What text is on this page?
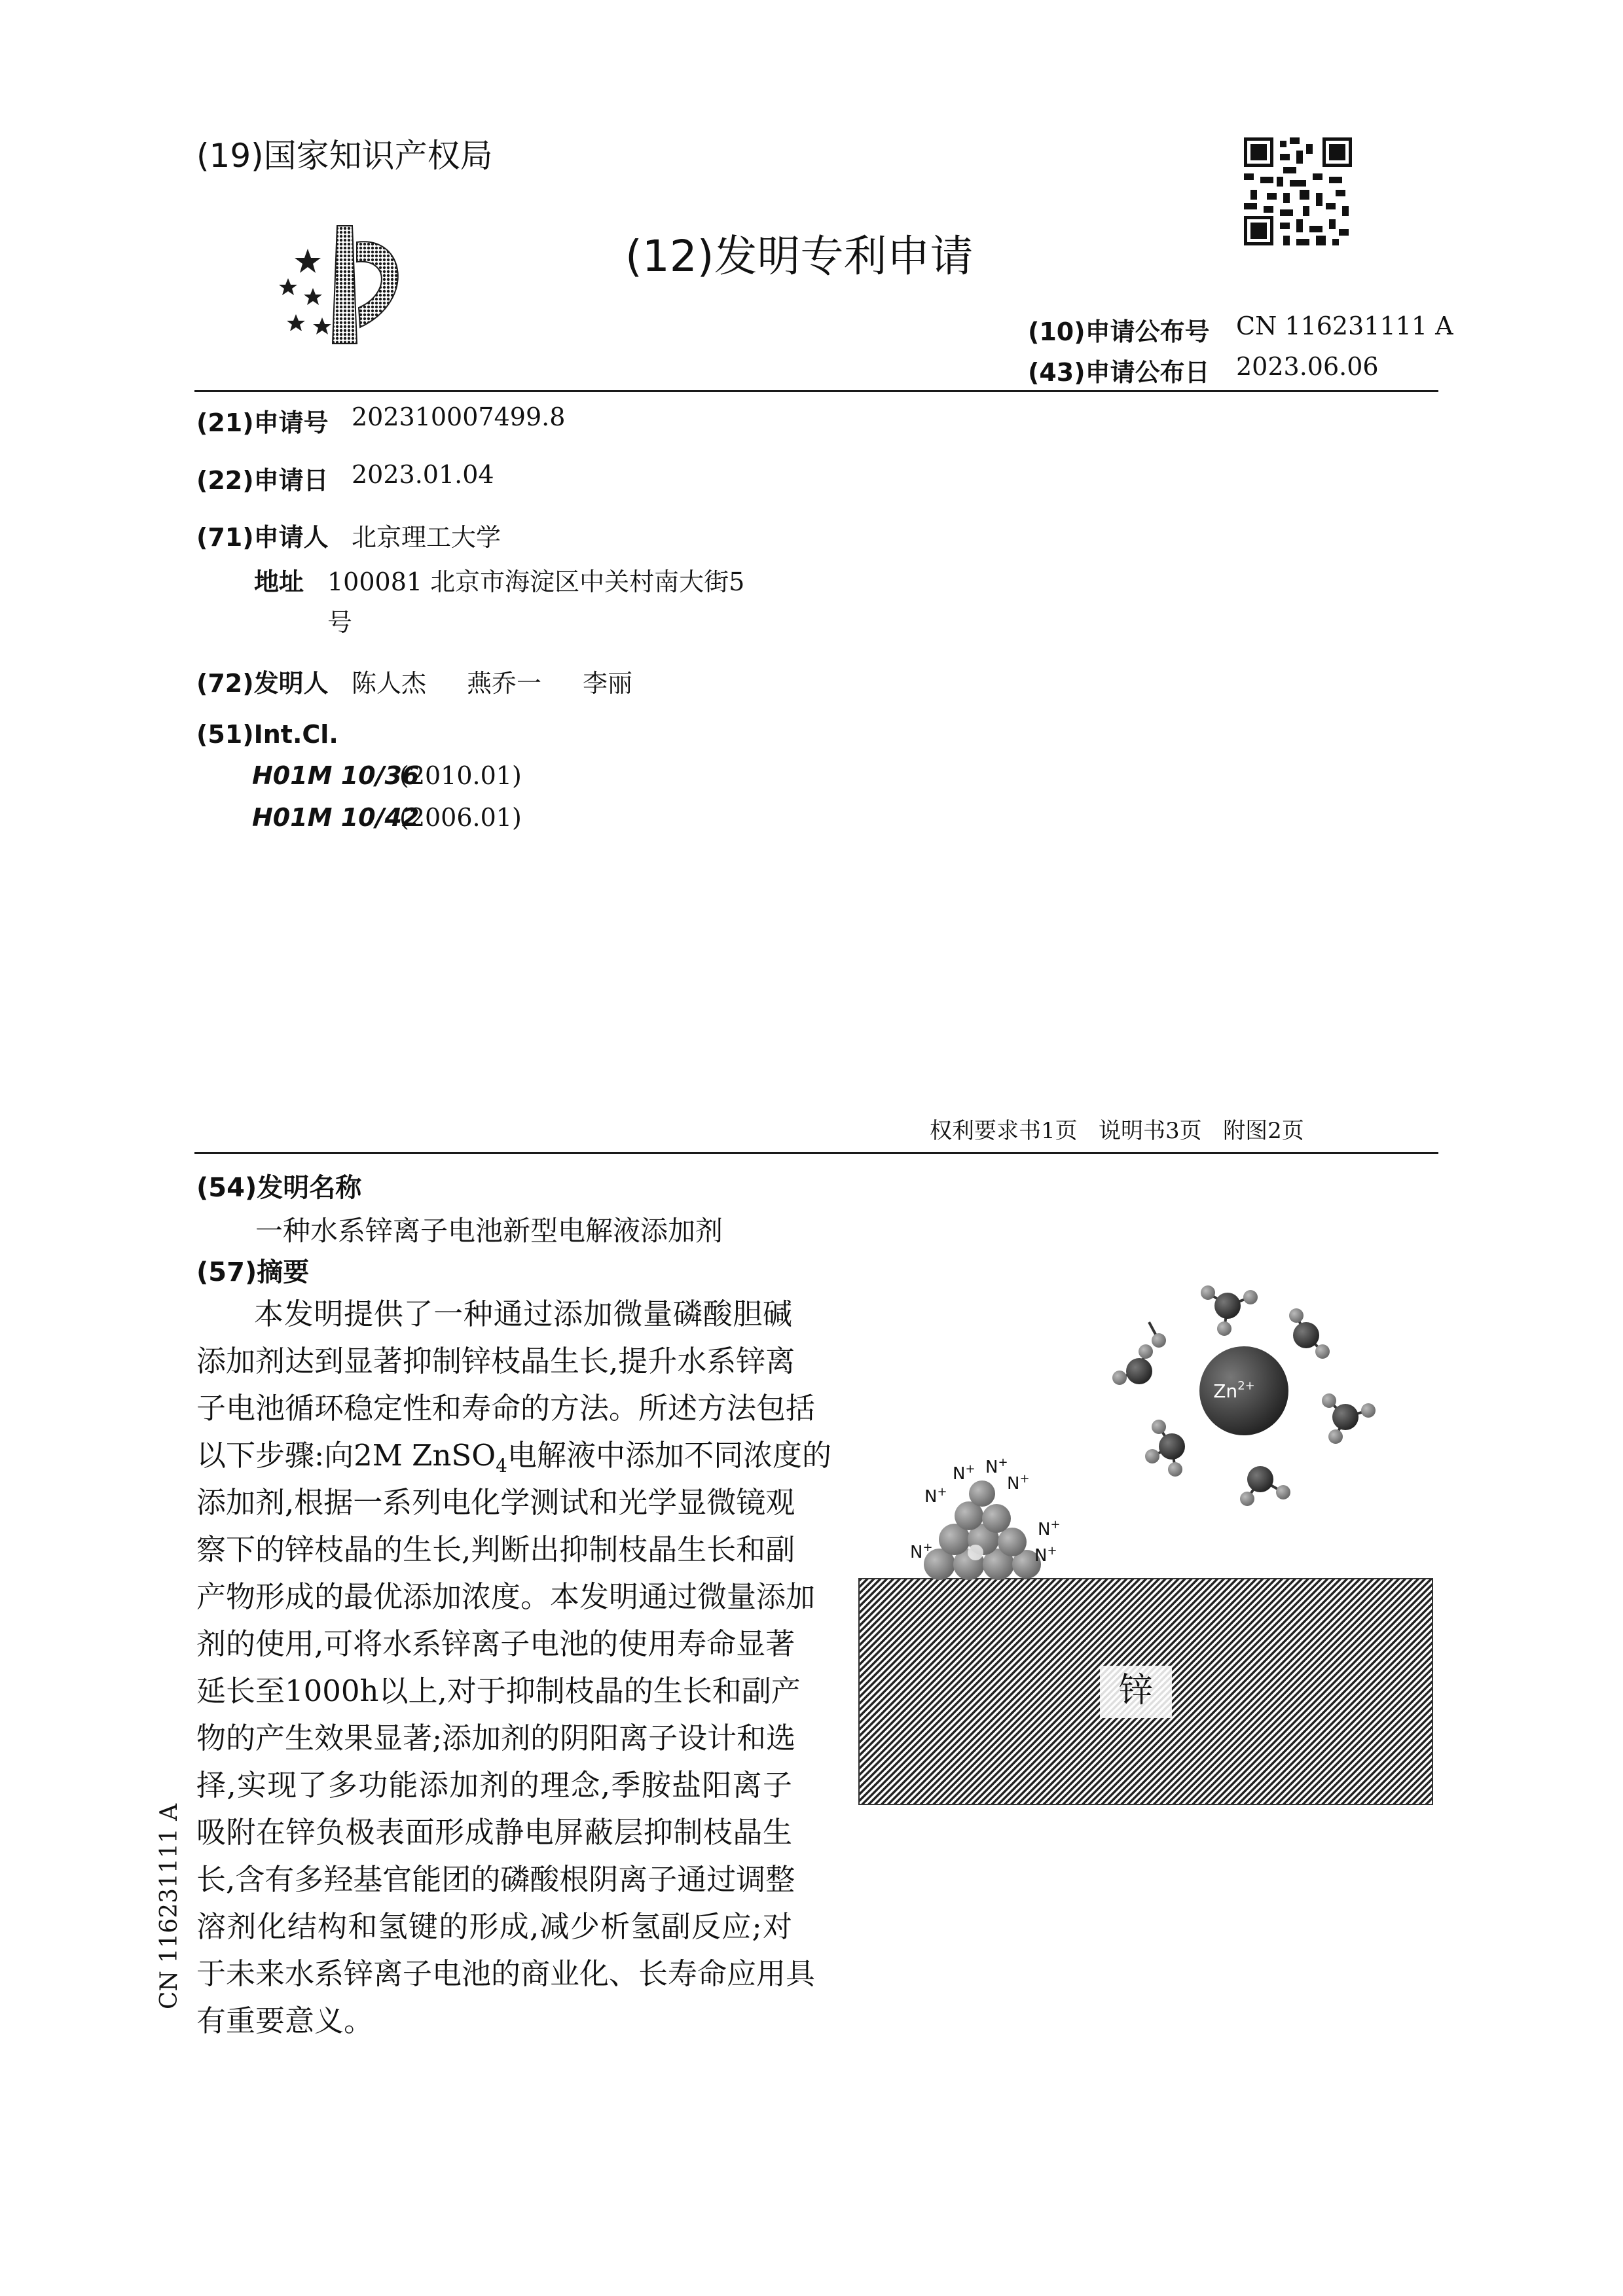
(19)国家知识产权局
(12)发明专利申请
(10)申请公布号 CN 116231111 A
(43)申请公布日 2023.06.06
(21)申请号 202310007499.8
(22)申请日 2023.01.04
(71)申请人 北京理工大学
地址 100081 北京市海淀区中关村南大街5
号
(72)发明人 陈人杰 燕乔一 李丽
(51)Int.Cl.
H01M 10/36
(2010.01)
H01M 10/42
(2006.01)
权利要求书1页   说明书3页   附图2页
(54)发明名称
一种水系锌离子电池新型电解液添加剂
(57)摘要
本发明提供了一种通过添加微量磷酸胆碱
添加剂达到显著抑制锌枝晶生长,提升水系锌离
子电池循环稳定性和寿命的方法。所述方法包括
以下步骤:向2M ZnSO$_4$电解液中添加不同浓度的
添加剂,根据一系列电化学测试和光学显微镜观
察下的锌枝晶的生长,判断出抑制枝晶生长和副
产物形成的最优添加浓度。本发明通过微量添加
剂的使用,可将水系锌离子电池的使用寿命显著
延长至1000h以上,对于抑制枝晶的生长和副产
物的产生效果显著;添加剂的阴阳离子设计和选
择,实现了多功能添加剂的理念,季胺盐阳离子
吸附在锌负极表面形成静电屏蔽层抑制枝晶生
长,含有多羟基官能团的磷酸根阴离子通过调整
溶剂化结构和氢键的形成,减少析氢副反应;对
于未来水系锌离子电池的商业化、长寿命应用具
有重要意义。
锌
$Zn^{2+}$
N+ N+
N+	N+
N+
N+	N+
CN 116231111 A
